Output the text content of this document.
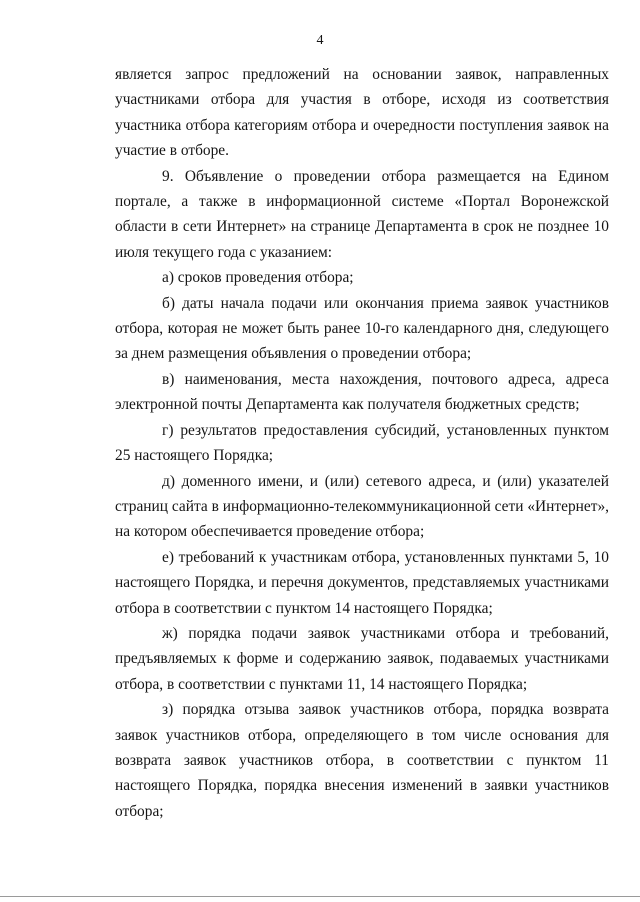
4

является запрос предложений на основании заявок, направленных участниками отбора для участия в отборе, исходя из соответствия участника отбора категориям отбора и очередности поступления заявок на участие в отборе.

9. Объявление о проведении отбора размещается на Едином портале, а также в информационной системе «Портал Воронежской области в сети Интернет» на странице Департамента в срок не позднее 10 июля текущего года с указанием:

а) сроков проведения отбора;

б) даты начала подачи или окончания приема заявок участников отбора, которая не может быть ранее 10-го календарного дня, следующего за днем размещения объявления о проведении отбора;

в) наименования, места нахождения, почтового адреса, адреса электронной почты Департамента как получателя бюджетных средств;

г) результатов предоставления субсидий, установленных пунктом 25 настоящего Порядка;

д) доменного имени, и (или) сетевого адреса, и (или) указателей страниц сайта в информационно-телекоммуникационной сети «Интернет», на котором обеспечивается проведение отбора;

е) требований к участникам отбора, установленных пунктами 5, 10 настоящего Порядка, и перечня документов, представляемых участниками отбора в соответствии с пунктом 14 настоящего Порядка;

ж) порядка подачи заявок участниками отбора и требований, предъявляемых к форме и содержанию заявок, подаваемых участниками отбора, в соответствии с пунктами 11, 14 настоящего Порядка;

з) порядка отзыва заявок участников отбора, порядка возврата заявок участников отбора, определяющего в том числе основания для возврата заявок участников отбора, в соответствии с пунктом 11 настоящего Порядка, порядка внесения изменений в заявки участников отбора;
